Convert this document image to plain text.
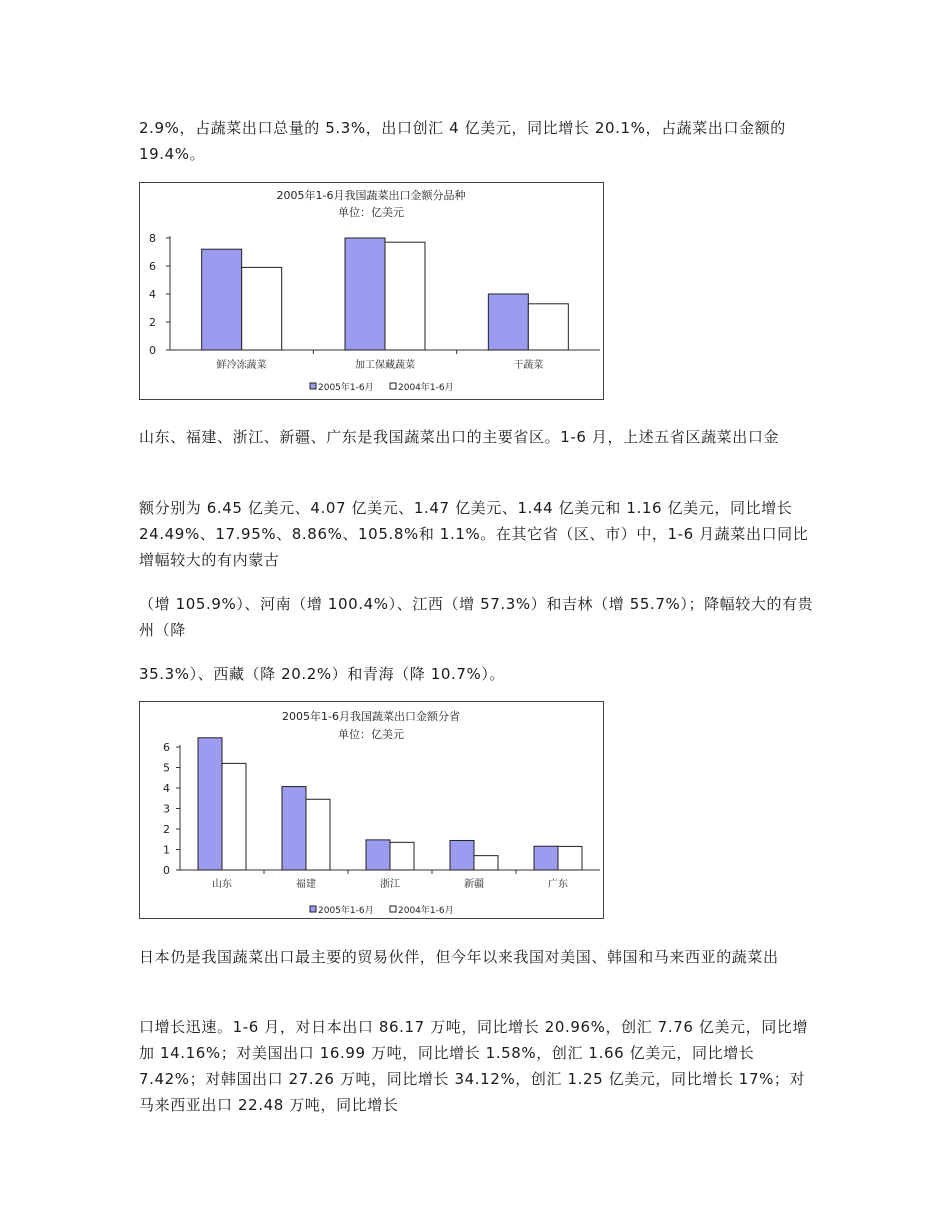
2.9%，占蔬菜出口总量的 5.3%，出口创汇 4 亿美元，同比增长 20.1%，占蔬菜出口金额的 19.4%。

2005年1-6月我国蔬菜出口金额分品种
单位：亿美元
0
2
4
6
8
鲜冷冻蔬菜	加工保藏蔬菜	干蔬菜
2005年1-6月	2004年1-6月

山东、福建、浙江、新疆、广东是我国蔬菜出口的主要省区。1-6 月，上述五省区蔬菜出口金

额分别为 6.45 亿美元、4.07 亿美元、1.47 亿美元、1.44 亿美元和 1.16 亿美元，同比增长 24.49%、17.95%、8.86%、105.8%和 1.1%。在其它省（区、市）中，1-6 月蔬菜出口同比增幅较大的有内蒙古

（增 105.9%）、河南（增 100.4%）、江西（增 57.3%）和吉林（增 55.7%）；降幅较大的有贵州（降

35.3%）、西藏（降 20.2%）和青海（降 10.7%）。

2005年1-6月我国蔬菜出口金额分省
单位：亿美元
0
1
2
3
4
5
6
山东	福建	浙江	新疆	广东
2005年1-6月	2004年1-6月

日本仍是我国蔬菜出口最主要的贸易伙伴，但今年以来我国对美国、韩国和马来西亚的蔬菜出

口增长迅速。1-6 月，对日本出口 86.17 万吨，同比增长 20.96%，创汇 7.76 亿美元，同比增加 14.16%；对美国出口 16.99 万吨，同比增长 1.58%，创汇 1.66 亿美元，同比增长 7.42%；对韩国出口 27.26 万吨，同比增长 34.12%，创汇 1.25 亿美元，同比增长 17%；对马来西亚出口 22.48 万吨，同比增长
